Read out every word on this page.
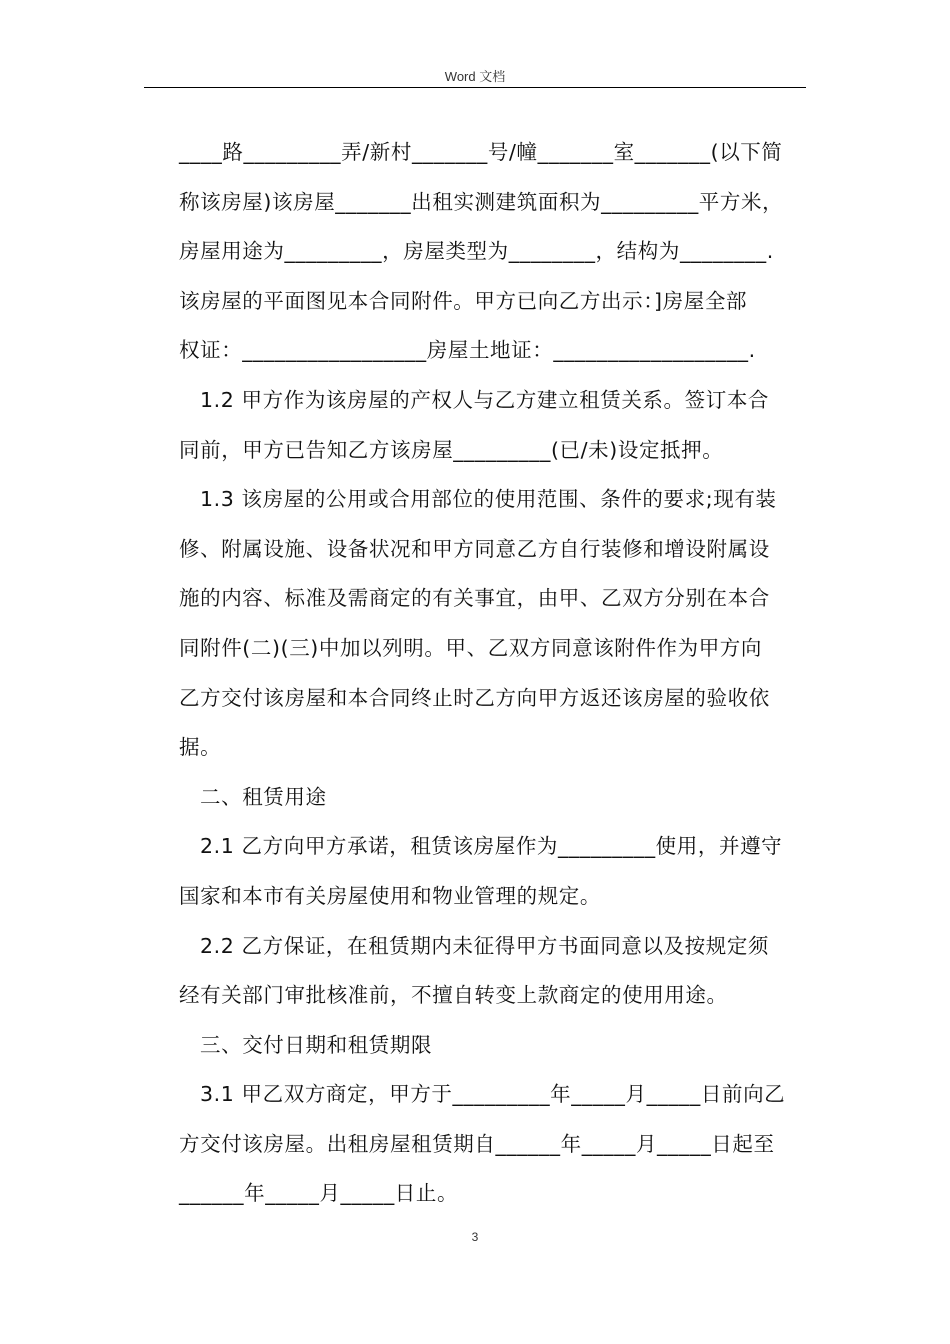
Word 文档
____路_________弄/新村_______号/幢_______室_______(以下简
称该房屋)该房屋_______出租实测建筑面积为_________平方米，
房屋用途为_________，房屋类型为________，结构为________.
该房屋的平面图见本合同附件。甲方已向乙方出示：]房屋全部
权证：_________________房屋土地证：__________________.
1.2 甲方作为该房屋的产权人与乙方建立租赁关系。签订本合
同前，甲方已告知乙方该房屋_________(已/未)设定抵押。
1.3 该房屋的公用或合用部位的使用范围、条件的要求;现有装
修、附属设施、设备状况和甲方同意乙方自行装修和增设附属设
施的内容、标准及需商定的有关事宜，由甲、乙双方分别在本合
同附件(二)(三)中加以列明。甲、乙双方同意该附件作为甲方向
乙方交付该房屋和本合同终止时乙方向甲方返还该房屋的验收依
据。
二、租赁用途
2.1 乙方向甲方承诺，租赁该房屋作为_________使用，并遵守
国家和本市有关房屋使用和物业管理的规定。
2.2 乙方保证，在租赁期内未征得甲方书面同意以及按规定须
经有关部门审批核准前，不擅自转变上款商定的使用用途。
三、交付日期和租赁期限
3.1 甲乙双方商定，甲方于_________年_____月_____日前向乙
方交付该房屋。出租房屋租赁期自______年_____月_____日起至
______年_____月_____日止。
3
